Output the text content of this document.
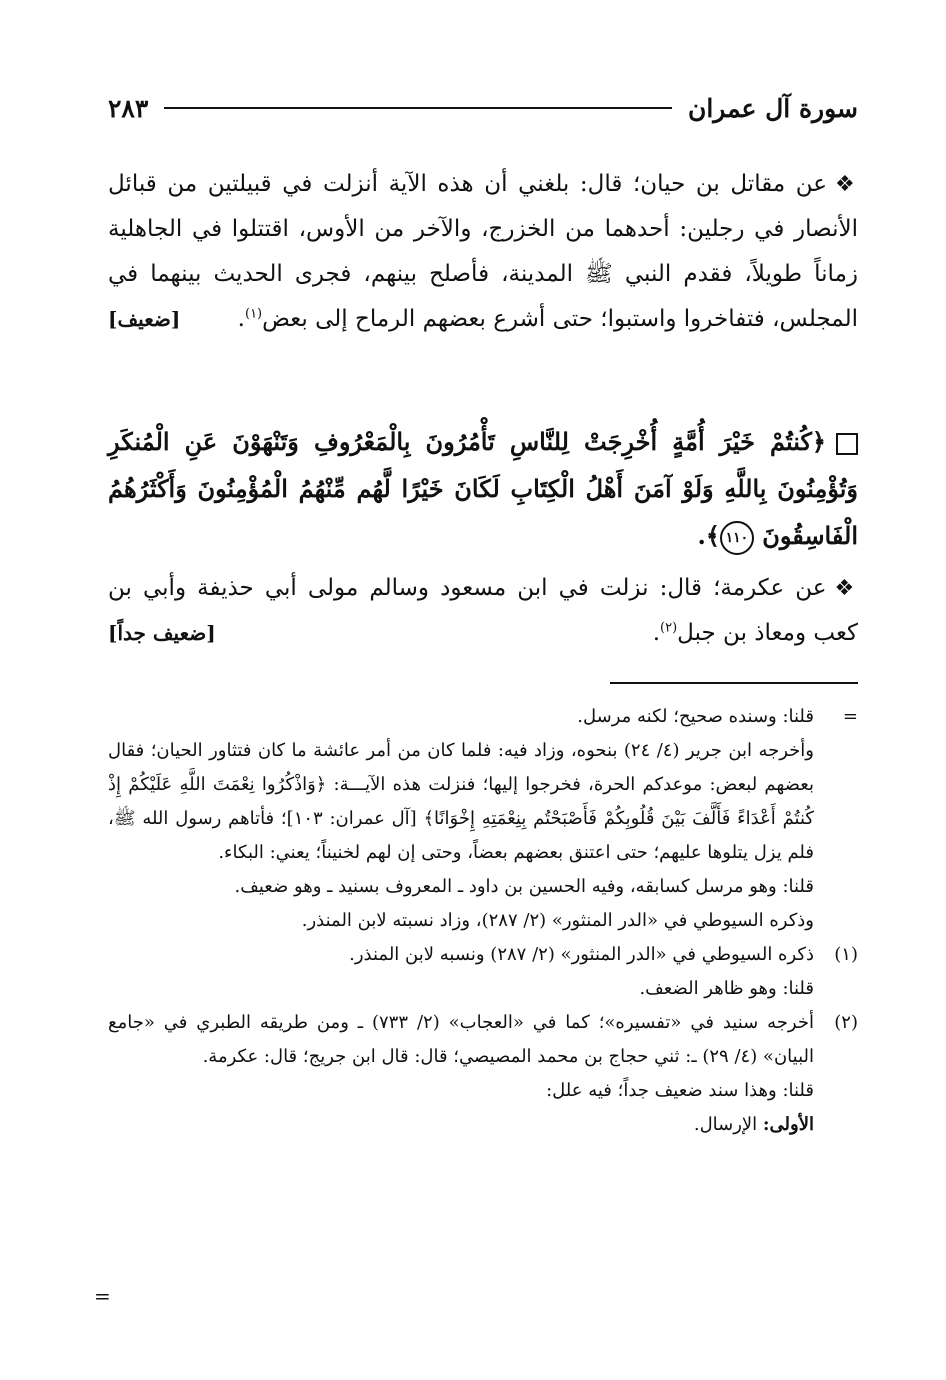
سورة آل عمران
٢٨٣

❖عن مقاتل بن حيان؛ قال: بلغني أن هذه الآية أنزلت في قبيلتين من قبائل الأنصار في رجلين: أحدهما من الخزرج، والآخر من الأوس، اقتتلوا في الجاهلية زماناً طويلاً، فقدم النبي ﷺ المدينة، فأصلح بينهم، فجرى الحديث بينهما في المجلس، فتفاخروا واستبوا؛ حتى أشرع بعضهم الرماح إلى بعض$^{(١)}$.
[ضعيف]

﴿كُنتُمْ خَيْرَ أُمَّةٍ أُخْرِجَتْ لِلنَّاسِ تَأْمُرُونَ بِالْمَعْرُوفِ وَتَنْهَوْنَ عَنِ الْمُنكَرِ وَتُؤْمِنُونَ بِاللَّهِ وَلَوْ آمَنَ أَهْلُ الْكِتَابِ لَكَانَ خَيْرًا لَّهُم مِّنْهُمُ الْمُؤْمِنُونَ وَأَكْثَرُهُمُ الْفَاسِقُونَ ١١٠﴾.

❖عن عكرمة؛ قال: نزلت في ابن مسعود وسالم مولى أبي حذيفة وأبي بن كعب ومعاذ بن جبل$^{(٢)}$.
[ضعيف جداً]

=

قلنا: وسنده صحيح؛ لكنه مرسل.

وأخرجه ابن جرير (٤/ ٢٤) بنحوه، وزاد فيه: فلما كان من أمر عائشة ما كان فتثاور الحيان؛ فقال بعضهم لبعض: موعدكم الحرة، فخرجوا إليها؛ فنزلت هذه الآيـــة: ﴿وَاذْكُرُوا نِعْمَتَ اللَّهِ عَلَيْكُمْ إِذْ كُنتُمْ أَعْدَاءً فَأَلَّفَ بَيْنَ قُلُوبِكُمْ فَأَصْبَحْتُم بِنِعْمَتِهِ إِخْوَانًا﴾ [آل عمران: ١٠٣]؛ فأتاهم رسول الله ﷺ، فلم يزل يتلوها عليهم؛ حتى اعتنق بعضهم بعضاً، وحتى إن لهم لخنيناً؛ يعني: البكاء.

قلنا: وهو مرسل كسابقه، وفيه الحسين بن داود ـ المعروف بسنيد ـ وهو ضعيف.

وذكره السيوطي في «الدر المنثور» (٢/ ٢٨٧)، وزاد نسبته لابن المنذر.

(١)

ذكره السيوطي في «الدر المنثور» (٢/ ٢٨٧) ونسبه لابن المنذر.

قلنا: وهو ظاهر الضعف.

(٢)

أخرجه سنيد في «تفسيره»؛ كما في «العجاب» (٢/ ٧٣٣) ـ ومن طريقه الطبري في «جامع البيان» (٤/ ٢٩) ـ: ثني حجاج بن محمد المصيصي؛ قال: قال ابن جريج؛ قال: عكرمة.

قلنا: وهذا سند ضعيف جداً؛ فيه علل:

الأولى: الإرسال.

=
